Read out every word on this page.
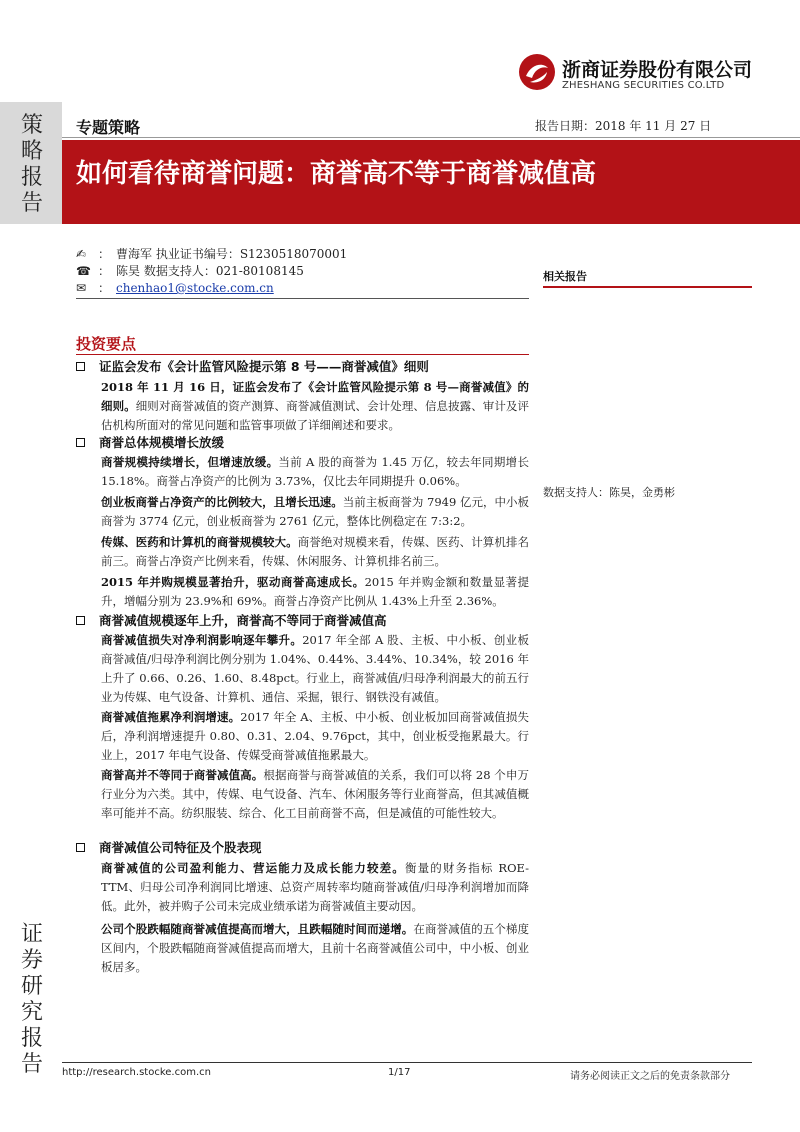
策略报告
证券研究报告
浙商证券股份有限公司
ZHESHANG SECURITIES CO.LTD
专题策略	报告日期：2018 年 11 月 27 日
如何看待商誉问题：商誉高不等于商誉减值高
✍ ： 曹海军 执业证书编号：S1230518070001
☎ ： 陈昊 数据支持人：021-80108145
✉ ： chenhao1@stocke.com.cn
相关报告
数据支持人：陈昊，金勇彬
投资要点
证监会发布《会计监管风险提示第 8 号——商誉减值》细则
2018 年 11 月 16 日，证监会发布了《会计监管风险提示第 8 号—商誉减值》的细则。细则对商誉减值的资产测算、商誉减值测试、会计处理、信息披露、审计及评估机构所面对的常见问题和监管事项做了详细阐述和要求。
商誉总体规模增长放缓
商誉规模持续增长，但增速放缓。当前 A 股的商誉为 1.45 万亿，较去年同期增长 15.18%。商誉占净资产的比例为 3.73%，仅比去年同期提升 0.06%。
创业板商誉占净资产的比例较大，且增长迅速。当前主板商誉为 7949 亿元，中小板商誉为 3774 亿元，创业板商誉为 2761 亿元，整体比例稳定在 7:3:2。
传媒、医药和计算机的商誉规模较大。商誉绝对规模来看，传媒、医药、计算机排名前三。商誉占净资产比例来看，传媒、休闲服务、计算机排名前三。
2015 年并购规模显著抬升，驱动商誉高速成长。2015 年并购金额和数量显著提升，增幅分别为 23.9%和 69%。商誉占净资产比例从 1.43%上升至 2.36%。
商誉减值规模逐年上升，商誉高不等同于商誉减值高
商誉减值损失对净利润影响逐年攀升。2017 年全部 A 股、主板、中小板、创业板商誉减值/归母净利润比例分别为 1.04%、0.44%、3.44%、10.34%，较 2016 年上升了 0.66、0.26、1.60、8.48pct。行业上，商誉减值/归母净利润最大的前五行业为传媒、电气设备、计算机、通信、采掘，银行、钢铁没有减值。
商誉减值拖累净利润增速。2017 年全 A、主板、中小板、创业板加回商誉减值损失后，净利润增速提升 0.80、0.31、2.04、9.76pct，其中，创业板受拖累最大。行业上，2017 年电气设备、传媒受商誉减值拖累最大。
商誉高并不等同于商誉减值高。根据商誉与商誉减值的关系，我们可以将 28 个申万行业分为六类。其中，传媒、电气设备、汽车、休闲服务等行业商誉高，但其减值概率可能并不高。纺织服装、综合、化工目前商誉不高，但是减值的可能性较大。
商誉减值公司特征及个股表现
商誉减值的公司盈利能力、营运能力及成长能力较差。衡量的财务指标 ROE-TTM、归母公司净利润同比增速、总资产周转率均随商誉减值/归母净利润增加而降低。此外，被并购子公司未完成业绩承诺为商誉减值主要动因。
公司个股跌幅随商誉减值提高而增大，且跌幅随时间而递增。在商誉减值的五个梯度区间内，个股跌幅随商誉减值提高而增大，且前十名商誉减值公司中，中小板、创业板居多。
http://research.stocke.com.cn	1/17	请务必阅读正文之后的免责条款部分
